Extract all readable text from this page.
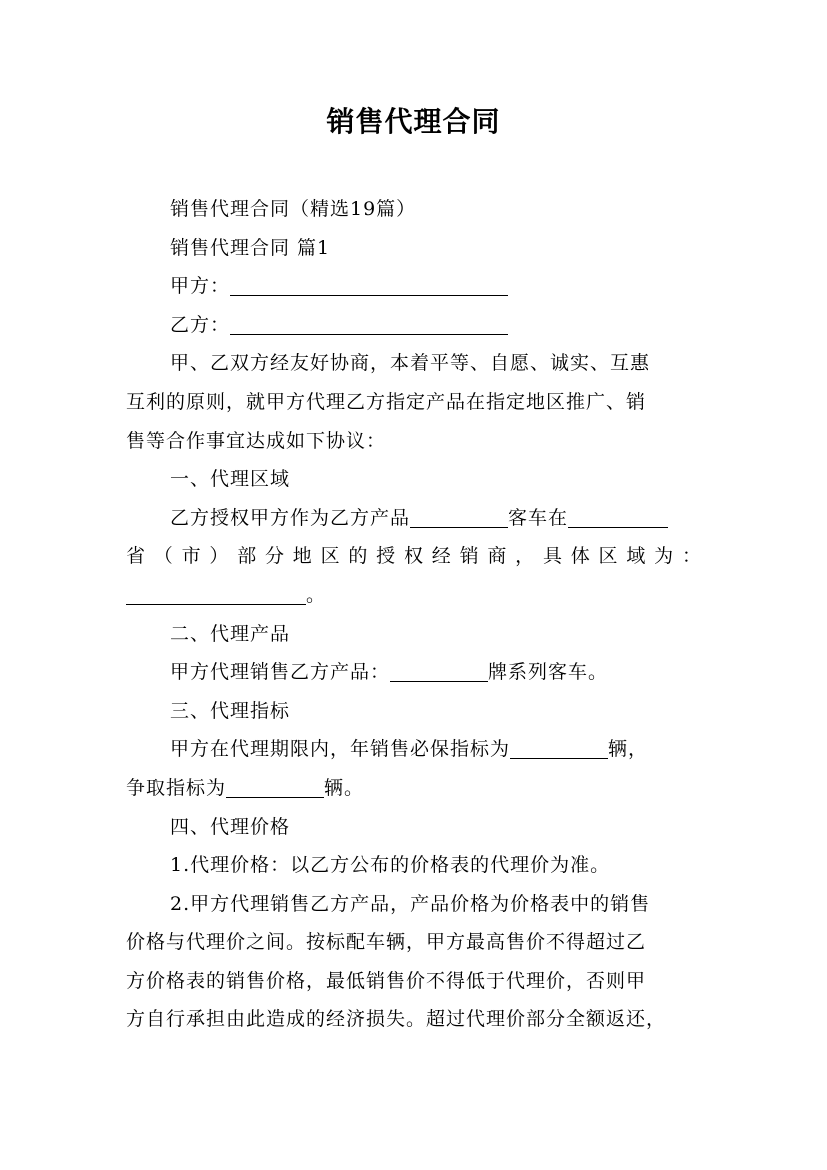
销售代理合同

销售代理合同（精选19篇）

销售代理合同 篇1

甲方：

乙方：

甲、乙双方经友好协商，本着平等、自愿、诚实、互惠

互利的原则，就甲方代理乙方指定产品在指定地区推广、销

售等合作事宜达成如下协议：

一、代理区域

乙方授权甲方作为乙方产品	客车在

省 （ 市 ） 部 分 地 区 的 授 权 经 销 商 ， 具 体 区 域 为 ：

。

二、代理产品

甲方代理销售乙方产品：	牌系列客车。

三、代理指标

甲方在代理期限内，年销售必保指标为	辆，

争取指标为	辆。

四、代理价格

1.代理价格：以乙方公布的价格表的代理价为准。

2.甲方代理销售乙方产品，产品价格为价格表中的销售

价格与代理价之间。按标配车辆，甲方最高售价不得超过乙

方价格表的销售价格，最低销售价不得低于代理价，否则甲

方自行承担由此造成的经济损失。超过代理价部分全额返还，
